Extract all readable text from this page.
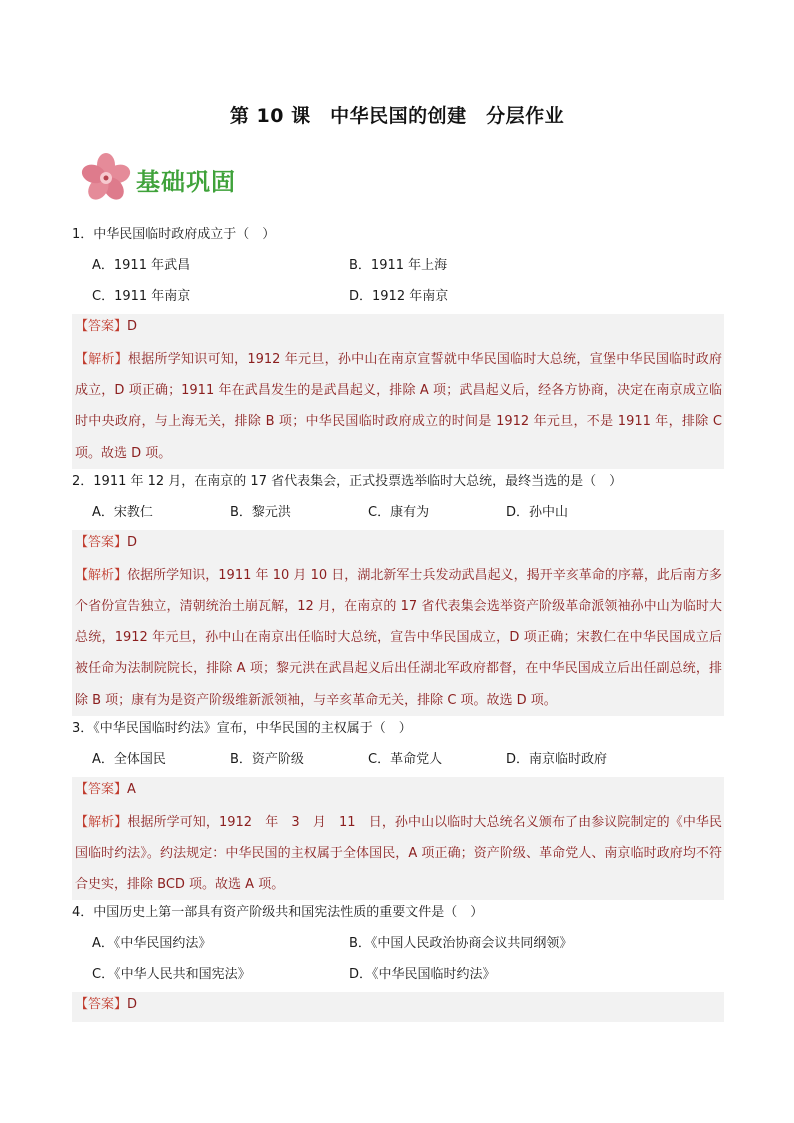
第 10 课　中华民国的创建　分层作业
基础巩固
1．中华民国临时政府成立于（　）
A．1911 年武昌	B．1911 年上海
C．1911 年南京	D．1912 年南京
【答案】D
【解析】根据所学知识可知，1912 年元旦，孙中山在南京宣誓就中华民国临时大总统，宣堡中华民国临时政府成立，D 项正确；1911 年在武昌发生的是武昌起义，排除 A 项；武昌起义后，经各方协商，决定在南京成立临时中央政府，与上海无关，排除 B 项；中华民国临时政府成立的时间是 1912 年元旦，不是 1911 年，排除 C 项。故选 D 项。
2．1911 年 12 月，在南京的 17 省代表集会，正式投票选举临时大总统，最终当选的是（　）
A．宋教仁	B．黎元洪	C．康有为	D．孙中山
【答案】D
【解析】依据所学知识，1911 年 10 月 10 日，湖北新军士兵发动武昌起义，揭开辛亥革命的序幕，此后南方多个省份宣告独立，清朝统治土崩瓦解，12 月，在南京的 17 省代表集会选举资产阶级革命派领袖孙中山为临时大总统，1912 年元旦，孙中山在南京出任临时大总统，宣告中华民国成立，D 项正确；宋教仁在中华民国成立后被任命为法制院院长，排除 A 项；黎元洪在武昌起义后出任湖北军政府都督，在中华民国成立后出任副总统，排除 B 项；康有为是资产阶级维新派领袖，与辛亥革命无关，排除 C 项。故选 D 项。
3．《中华民国临时约法》宣布，中华民国的主权属于（　）
A．全体国民	B．资产阶级	C．革命党人	D．南京临时政府
【答案】A
【解析】根据所学可知，1912　年　3　月　11　日，孙中山以临时大总统名义颁布了由参议院制定的《中华民国临时约法》。约法规定：中华民国的主权属于全体国民，A 项正确；资产阶级、革命党人、南京临时政府均不符合史实，排除 BCD 项。故选 A 项。
4．中国历史上第一部具有资产阶级共和国宪法性质的重要文件是（　）
A．《中华民国约法》	B．《中国人民政治协商会议共同纲领》
C．《中华人民共和国宪法》	D．《中华民国临时约法》
【答案】D
